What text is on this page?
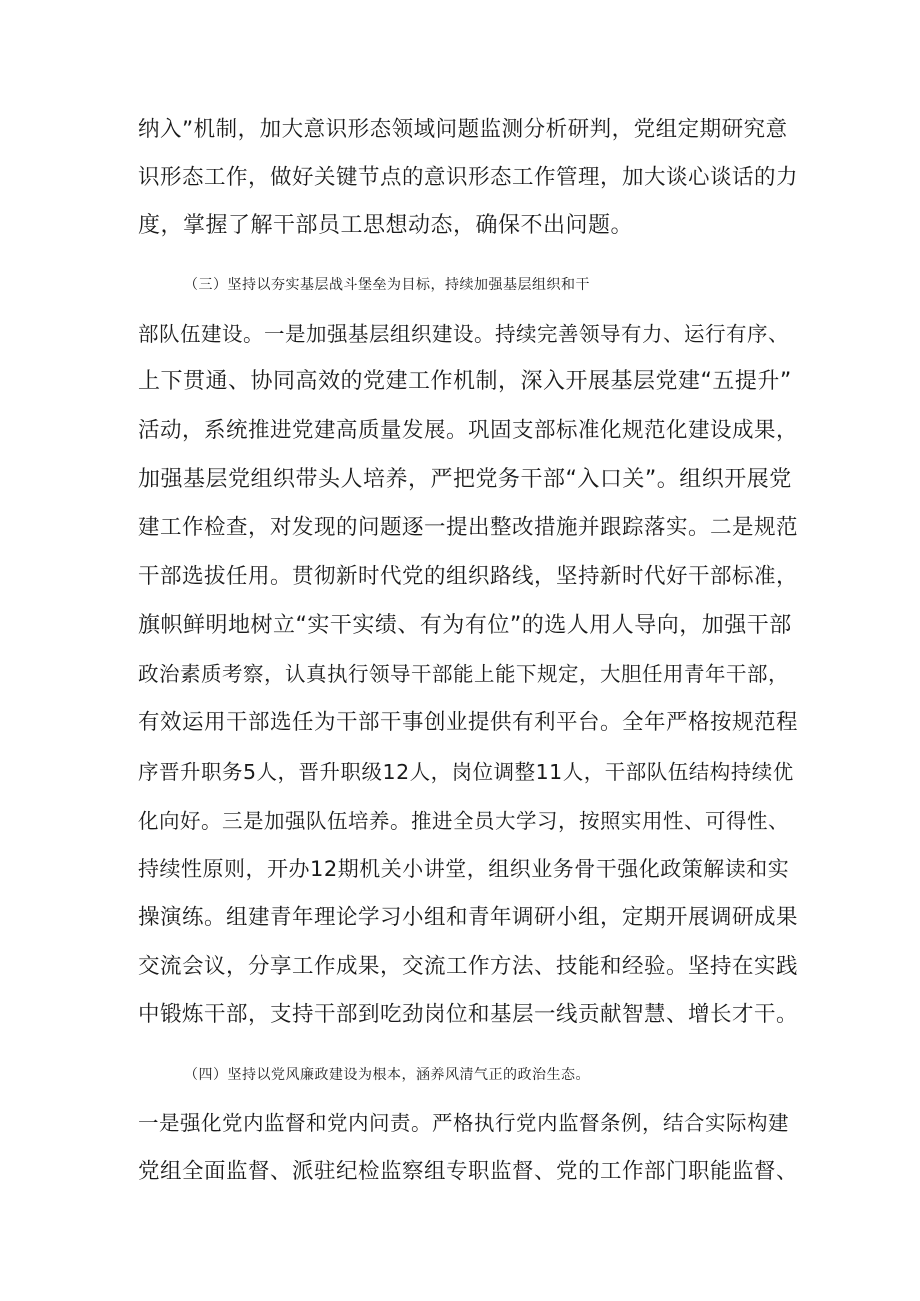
纳入”机制，加大意识形态领域问题监测分析研判，党组定期研究意
识形态工作，做好关键节点的意识形态工作管理，加大谈心谈话的力
度，掌握了解干部员工思想动态，确保不出问题。
（三）坚持以夯实基层战斗堡垒为目标，持续加强基层组织和干
部队伍建设。一是加强基层组织建设。持续完善领导有力、运行有序、
上下贯通、协同高效的党建工作机制，深入开展基层党建“五提升”
活动，系统推进党建高质量发展。巩固支部标准化规范化建设成果，
加强基层党组织带头人培养，严把党务干部“入口关”。组织开展党
建工作检查，对发现的问题逐一提出整改措施并跟踪落实。二是规范
干部选拔任用。贯彻新时代党的组织路线，坚持新时代好干部标准，
旗帜鲜明地树立“实干实绩、有为有位”的选人用人导向，加强干部
政治素质考察，认真执行领导干部能上能下规定，大胆任用青年干部，
有效运用干部选任为干部干事创业提供有利平台。全年严格按规范程
序晋升职务5人，晋升职级12人，岗位调整11人，干部队伍结构持续优
化向好。三是加强队伍培养。推进全员大学习，按照实用性、可得性、
持续性原则，开办12期机关小讲堂，组织业务骨干强化政策解读和实
操演练。组建青年理论学习小组和青年调研小组，定期开展调研成果
交流会议，分享工作成果，交流工作方法、技能和经验。坚持在实践
中锻炼干部，支持干部到吃劲岗位和基层一线贡献智慧、增长才干。
（四）坚持以党风廉政建设为根本，涵养风清气正的政治生态。
一是强化党内监督和党内问责。严格执行党内监督条例，结合实际构建
党组全面监督、派驻纪检监察组专职监督、党的工作部门职能监督、
